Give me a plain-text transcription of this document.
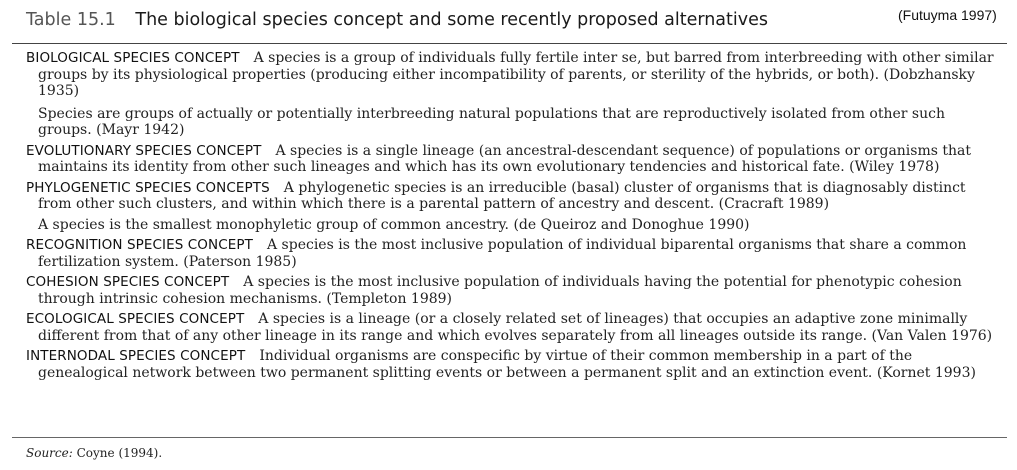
Table 15.1 The biological species concept and some recently proposed alternatives	(Futuyma 1997)

BIOLOGICAL SPECIES CONCEPT A species is a group of individuals fully fertile inter se, but barred from interbreeding with other similar groups by its physiological properties (producing either incompatibility of parents, or sterility of the hybrids, or both). (Dobzhansky 1935)

Species are groups of actually or potentially interbreeding natural populations that are reproductively isolated from other such groups. (Mayr 1942)

EVOLUTIONARY SPECIES CONCEPT A species is a single lineage (an ancestral-descendant sequence) of populations or organisms that maintains its identity from other such lineages and which has its own evolutionary tendencies and historical fate. (Wiley 1978)

PHYLOGENETIC SPECIES CONCEPTS A phylogenetic species is an irreducible (basal) cluster of organisms that is diagnosably distinct from other such clusters, and within which there is a parental pattern of ancestry and descent. (Cracraft 1989)

A species is the smallest monophyletic group of common ancestry. (de Queiroz and Donoghue 1990)

RECOGNITION SPECIES CONCEPT A species is the most inclusive population of individual biparental organisms that share a common fertilization system. (Paterson 1985)

COHESION SPECIES CONCEPT A species is the most inclusive population of individuals having the potential for phenotypic cohesion through intrinsic cohesion mechanisms. (Templeton 1989)

ECOLOGICAL SPECIES CONCEPT A species is a lineage (or a closely related set of lineages) that occupies an adaptive zone minimally different from that of any other lineage in its range and which evolves separately from all lineages outside its range. (Van Valen 1976)

INTERNODAL SPECIES CONCEPT Individual organisms are conspecific by virtue of their common membership in a part of the genealogical network between two permanent splitting events or between a permanent split and an extinction event. (Kornet 1993)

Source: Coyne (1994).
